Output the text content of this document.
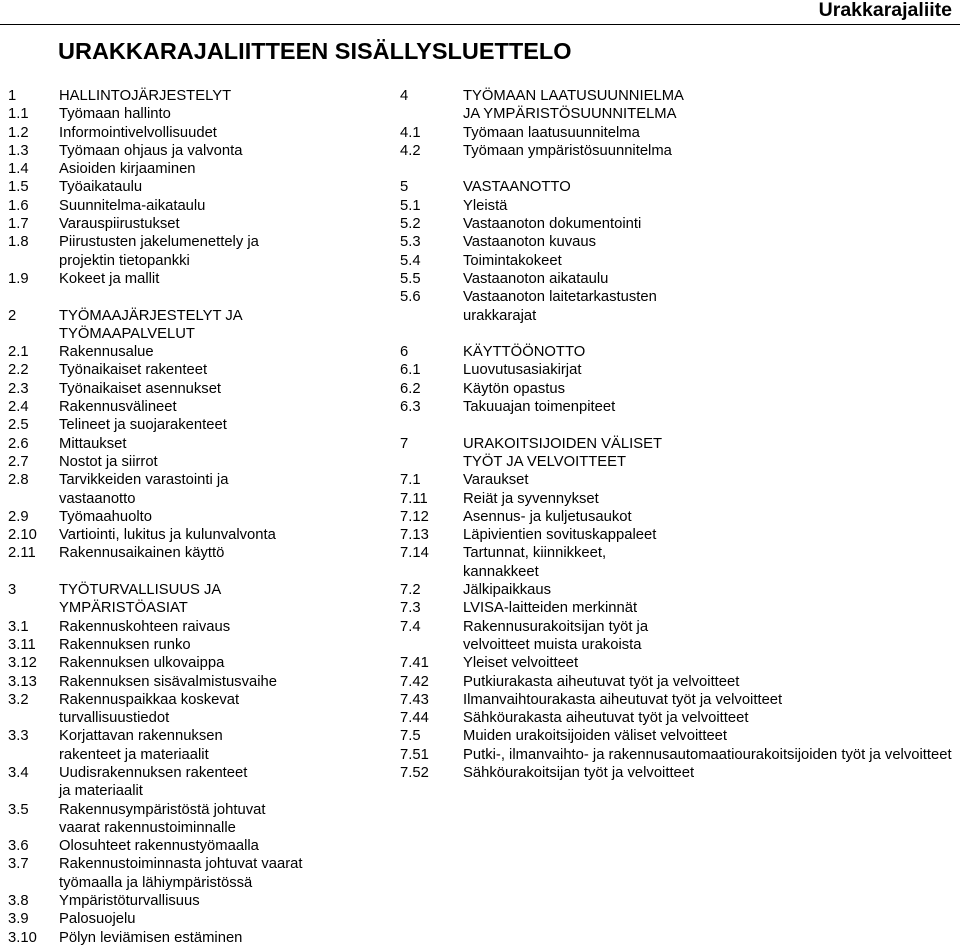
Urakkarajaliite
URAKKARAJALIITTEEN SISÄLLYSLUETTELO
1	HALLINTOJÄRJESTELYT
1.1 Työmaan hallinto
1.2 Informointivelvollisuudet
1.3 Työmaan ohjaus ja valvonta
1.4 Asioiden kirjaaminen
1.5 Työaikataulu
1.6 Suunnitelma-aikataulu
1.7 Varauspiirustukset
1.8 Piirustusten jakelumenettely ja
projektin tietopankki
1.9 Kokeet ja mallit
2	TYÖMAAJÄRJESTELYT JA
TYÖMAAPALVELUT
2.1 Rakennusalue
2.2 Työnaikaiset rakenteet
2.3 Työnaikaiset asennukset
2.4 Rakennusvälineet
2.5 Telineet ja suojarakenteet
2.6 Mittaukset
2.7 Nostot ja siirrot
2.8 Tarvikkeiden varastointi ja
vastaanotto
2.9 Työmaahuolto
2.10 Vartiointi, lukitus ja kulunvalvonta
2.11 Rakennusaikainen käyttö
3	TYÖTURVALLISUUS JA
YMPÄRISTÖASIAT
3.1 Rakennuskohteen raivaus
3.11 Rakennuksen runko
3.12 Rakennuksen ulkovaippa
3.13 Rakennuksen sisävalmistusvaihe
3.2 Rakennuspaikkaa koskevat
turvallisuustiedot
3.3 Korjattavan rakennuksen
rakenteet ja materiaalit
3.4 Uudisrakennuksen rakenteet
ja materiaalit
3.5 Rakennusympäristöstä johtuvat
vaarat rakennustoiminnalle
3.6 Olosuhteet rakennustyömaalla
3.7 Rakennustoiminnasta johtuvat vaarat
työmaalla ja lähiympäristössä
3.8 Ympäristöturvallisuus
3.9 Palosuojelu
3.10 Pölyn leviämisen estäminen
4	TYÖMAAN LAATUSUUNNIELMA
JA YMPÄRISTÖSUUNNITELMA
4.1	Työmaan laatusuunnitelma
4.2	Työmaan ympäristösuunnitelma
5	VASTAANOTTO
5.1	Yleistä
5.2	Vastaanoton dokumentointi
5.3	Vastaanoton kuvaus
5.4	Toimintakokeet
5.5	Vastaanoton aikataulu
5.6	Vastaanoton laitetarkastusten
urakkarajat
6	KÄYTTÖÖNOTTO
6.1	Luovutusasiakirjat
6.2	Käytön opastus
6.3	Takuuajan toimenpiteet
7	URAKOITSIJOIDEN VÄLISET
TYÖT JA VELVOITTEET
7.1	Varaukset
7.11 Reiät ja syvennykset
7.12 Asennus- ja kuljetusaukot
7.13 Läpivientien sovituskappaleet
7.14 Tartunnat, kiinnikkeet,
kannakkeet
7.2	Jälkipaikkaus
7.3	LVISA-laitteiden merkinnät
7.4	Rakennusurakoitsijan työt ja
velvoitteet muista urakoista
7.41 Yleiset velvoitteet
7.42 Putkiurakasta aiheutuvat työt ja velvoitteet
7.43 Ilmanvaihtourakasta aiheutuvat työt ja velvoitteet
7.44 Sähköurakasta aiheutuvat työt ja velvoitteet
7.5	Muiden urakoitsijoiden väliset velvoitteet
7.51 Putki-, ilmanvaihto- ja rakennusautomaatiourakoitsijoiden työt ja velvoitteet
7.52 Sähköurakoitsijan työt ja velvoitteet
